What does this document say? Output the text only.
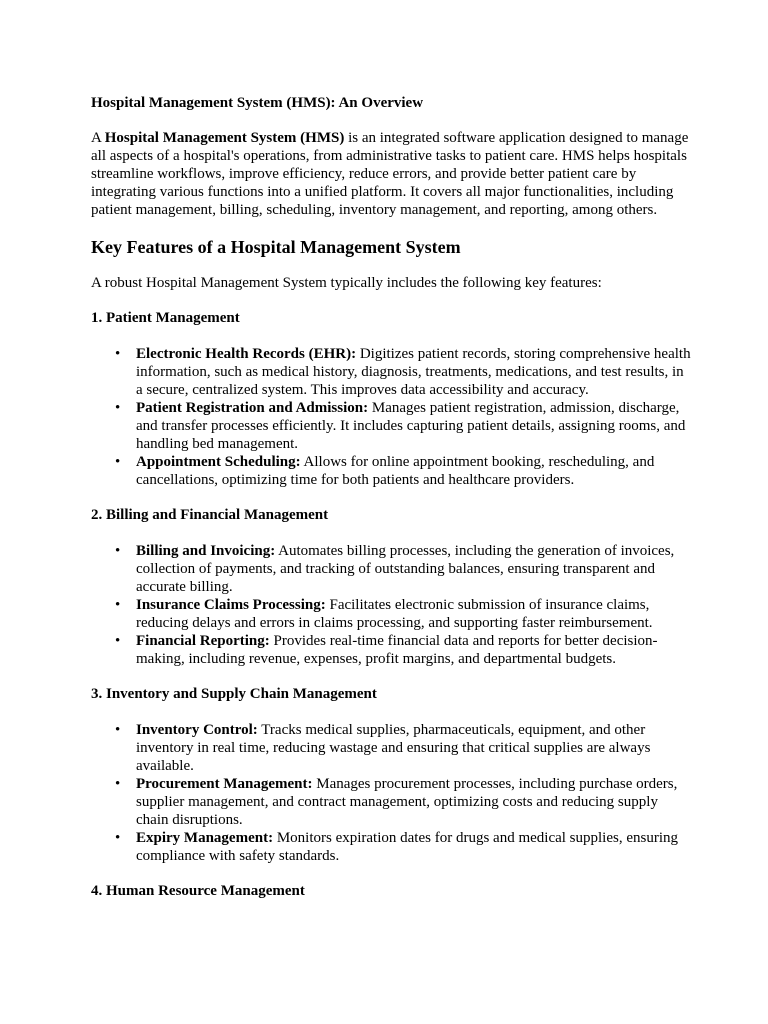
Hospital Management System (HMS): An Overview

A Hospital Management System (HMS) is an integrated software application designed to manage all aspects of a hospital's operations, from administrative tasks to patient care. HMS helps hospitals streamline workflows, improve efficiency, reduce errors, and provide better patient care by integrating various functions into a unified platform. It covers all major functionalities, including patient management, billing, scheduling, inventory management, and reporting, among others.

Key Features of a Hospital Management System

A robust Hospital Management System typically includes the following key features:

1. Patient Management
• Electronic Health Records (EHR): Digitizes patient records, storing comprehensive health information, such as medical history, diagnosis, treatments, medications, and test results, in a secure, centralized system. This improves data accessibility and accuracy.
• Patient Registration and Admission: Manages patient registration, admission, discharge, and transfer processes efficiently. It includes capturing patient details, assigning rooms, and handling bed management.
• Appointment Scheduling: Allows for online appointment booking, rescheduling, and cancellations, optimizing time for both patients and healthcare providers.
2. Billing and Financial Management
• Billing and Invoicing: Automates billing processes, including the generation of invoices, collection of payments, and tracking of outstanding balances, ensuring transparent and accurate billing.
• Insurance Claims Processing: Facilitates electronic submission of insurance claims, reducing delays and errors in claims processing, and supporting faster reimbursement.
• Financial Reporting: Provides real-time financial data and reports for better decision-making, including revenue, expenses, profit margins, and departmental budgets.
3. Inventory and Supply Chain Management
• Inventory Control: Tracks medical supplies, pharmaceuticals, equipment, and other inventory in real time, reducing wastage and ensuring that critical supplies are always available.
• Procurement Management: Manages procurement processes, including purchase orders, supplier management, and contract management, optimizing costs and reducing supply chain disruptions.
• Expiry Management: Monitors expiration dates for drugs and medical supplies, ensuring compliance with safety standards.
4. Human Resource Management
